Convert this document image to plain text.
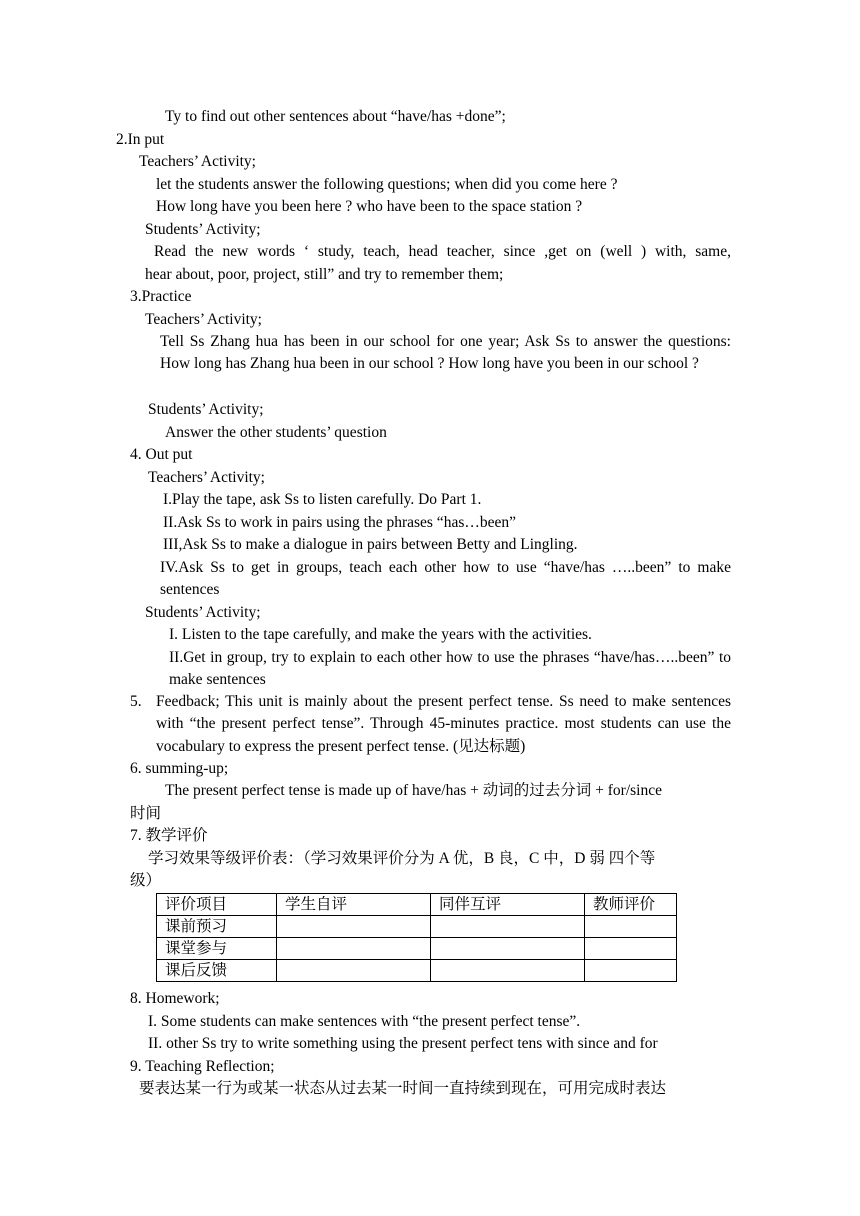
Ty to find out other sentences about “have/has +done”;
2.In put
Teachers’ Activity;
let the students answer the following questions; when did you come here ?
How long have you been here ? who have been to the space station ?
Students’ Activity;
Read the new words ‘ study, teach, head teacher, since ,get on (well ) with, same,
hear about, poor, project, still” and try to remember them;
3.Practice
Teachers’ Activity;
Tell Ss Zhang hua has been in our school for one year; Ask Ss to answer the questions: How long has Zhang hua been in our school ? How long have you been in our school ?
Students’ Activity;
Answer the other students’ question
4. Out put
Teachers’ Activity;
I.Play the tape, ask Ss to listen carefully. Do Part 1.
II.Ask Ss to work in pairs using the phrases “has…been”
III,Ask Ss to make a dialogue in pairs between Betty and Lingling.
IV.Ask Ss to get in groups, teach each other how to use “have/has …..been” to make sentences
Students’ Activity;
I. Listen to the tape carefully, and make the years with the activities.
II.Get in group, try to explain to each other how to use the phrases “have/has…..been” to make sentences
5. Feedback; This unit is mainly about the present perfect tense. Ss need to make sentences with “the present perfect tense”. Through 45-minutes practice. most students can use the vocabulary to express the present perfect tense. (见达标题)
6. summing-up;
The present perfect tense is made up of have/has + 动词的过去分词 + for/since
时间
7. 教学评价
学习效果等级评价表：（学习效果评价分为 A 优，B 良，C 中，D 弱 四个等
级）
评价项目	学生自评	同伴互评	教师评价
课前预习			
课堂参与			
课后反馈			
8. Homework;
I. Some students can make sentences with “the present perfect tense”.
II. other Ss try to write something using the present perfect tens with since and for
9. Teaching Reflection;
要表达某一行为或某一状态从过去某一时间一直持续到现在，可用完成时表达
